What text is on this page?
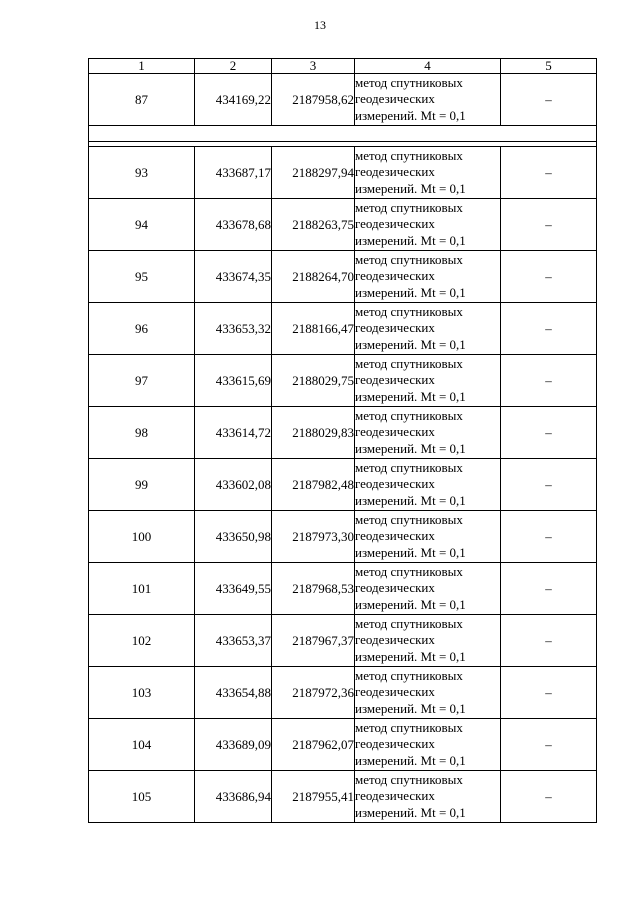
13
1	2	3	4	5
87	434169,22	2187958,62	метод спутниковых
геодезических
измерений. Mt = 0,1	–

93	433687,17	2188297,94	метод спутниковых
геодезических
измерений. Mt = 0,1	–
94	433678,68	2188263,75	метод спутниковых
геодезических
измерений. Mt = 0,1	–
95	433674,35	2188264,70	метод спутниковых
геодезических
измерений. Mt = 0,1	–
96	433653,32	2188166,47	метод спутниковых
геодезических
измерений. Mt = 0,1	–
97	433615,69	2188029,75	метод спутниковых
геодезических
измерений. Mt = 0,1	–
98	433614,72	2188029,83	метод спутниковых
геодезических
измерений. Mt = 0,1	–
99	433602,08	2187982,48	метод спутниковых
геодезических
измерений. Mt = 0,1	–
100	433650,98	2187973,30	метод спутниковых
геодезических
измерений. Mt = 0,1	–
101	433649,55	2187968,53	метод спутниковых
геодезических
измерений. Mt = 0,1	–
102	433653,37	2187967,37	метод спутниковых
геодезических
измерений. Mt = 0,1	–
103	433654,88	2187972,36	метод спутниковых
геодезических
измерений. Mt = 0,1	–
104	433689,09	2187962,07	метод спутниковых
геодезических
измерений. Mt = 0,1	–
105	433686,94	2187955,41	метод спутниковых
геодезических
измерений. Mt = 0,1	–
